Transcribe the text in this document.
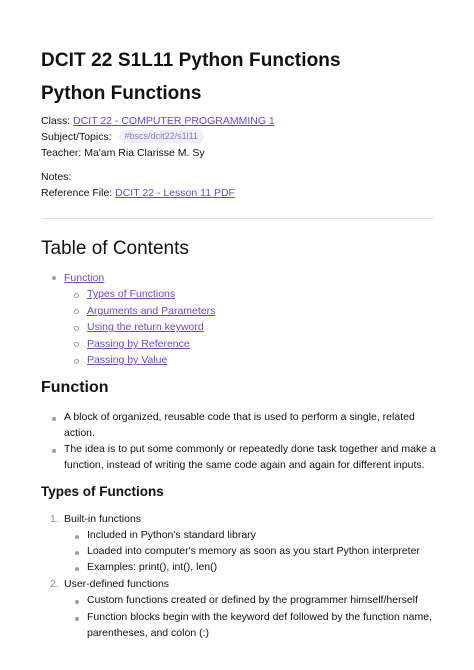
DCIT 22 S1L11 Python Functions
Python Functions
Class: DCIT 22 - COMPUTER PROGRAMMING 1
Subject/Topics: #bscs/dcit22/s1l11
Teacher: Ma'am Ria Clarisse M. Sy
Notes:
Reference File: DCIT 22 - Lesson 11 PDF
Table of Contents
Function
Types of Functions
Arguments and Parameters
Using the return keyword
Passing by Reference
Passing by Value
Function
A block of organized, reusable code that is used to perform a single, related
action.
The idea is to put some commonly or repeatedly done task together and make a
function, instead of writing the same code again and again for different inputs.
Types of Functions
1. Built-in functions
Included in Python's standard library
Loaded into computer's memory as soon as you start Python interpreter
Examples: print(), int(), len()
2. User-defined functions
Custom functions created or defined by the programmer himself/herself
Function blocks begin with the keyword def followed by the function name,
parentheses, and colon (:)
